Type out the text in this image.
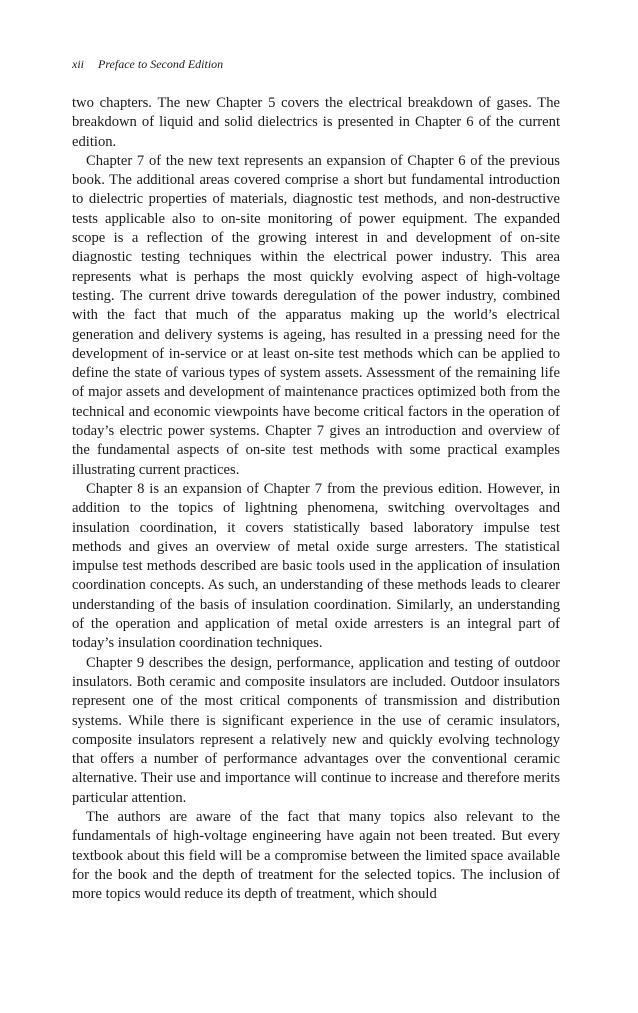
xii Preface to Second Edition

two chapters. The new Chapter 5 covers the electrical breakdown of gases. The breakdown of liquid and solid dielectrics is presented in Chapter 6 of the current edition.

Chapter 7 of the new text represents an expansion of Chapter 6 of the previous book. The additional areas covered comprise a short but fundamental introduction to dielectric properties of materials, diagnostic test methods, and non-destructive tests applicable also to on-site monitoring of power equipment. The expanded scope is a reflection of the growing interest in and development of on-site diagnostic testing techniques within the electrical power industry. This area represents what is perhaps the most quickly evolving aspect of high-voltage testing. The current drive towards deregulation of the power industry, combined with the fact that much of the apparatus making up the world’s electrical generation and delivery systems is ageing, has resulted in a pressing need for the development of in-service or at least on-site test methods which can be applied to define the state of various types of system assets. Assessment of the remaining life of major assets and development of maintenance practices optimized both from the technical and economic viewpoints have become critical factors in the operation of today’s electric power systems. Chapter 7 gives an introduction and overview of the fundamental aspects of on-site test methods with some practical examples illustrating current practices.

Chapter 8 is an expansion of Chapter 7 from the previous edition. However, in addition to the topics of lightning phenomena, switching overvoltages and insulation coordination, it covers statistically based laboratory impulse test methods and gives an overview of metal oxide surge arresters. The statistical impulse test methods described are basic tools used in the application of insulation coordination concepts. As such, an understanding of these methods leads to clearer understanding of the basis of insulation coordination. Similarly, an understanding of the operation and application of metal oxide arresters is an integral part of today’s insulation coordination techniques.

Chapter 9 describes the design, performance, application and testing of outdoor insulators. Both ceramic and composite insulators are included. Outdoor insulators represent one of the most critical components of transmission and distribution systems. While there is significant experience in the use of ceramic insulators, composite insulators represent a relatively new and quickly evolving technology that offers a number of performance advantages over the conventional ceramic alternative. Their use and importance will continue to increase and therefore merits particular attention.

The authors are aware of the fact that many topics also relevant to the fundamentals of high-voltage engineering have again not been treated. But every textbook about this field will be a compromise between the limited space available for the book and the depth of treatment for the selected topics. The inclusion of more topics would reduce its depth of treatment, which should
